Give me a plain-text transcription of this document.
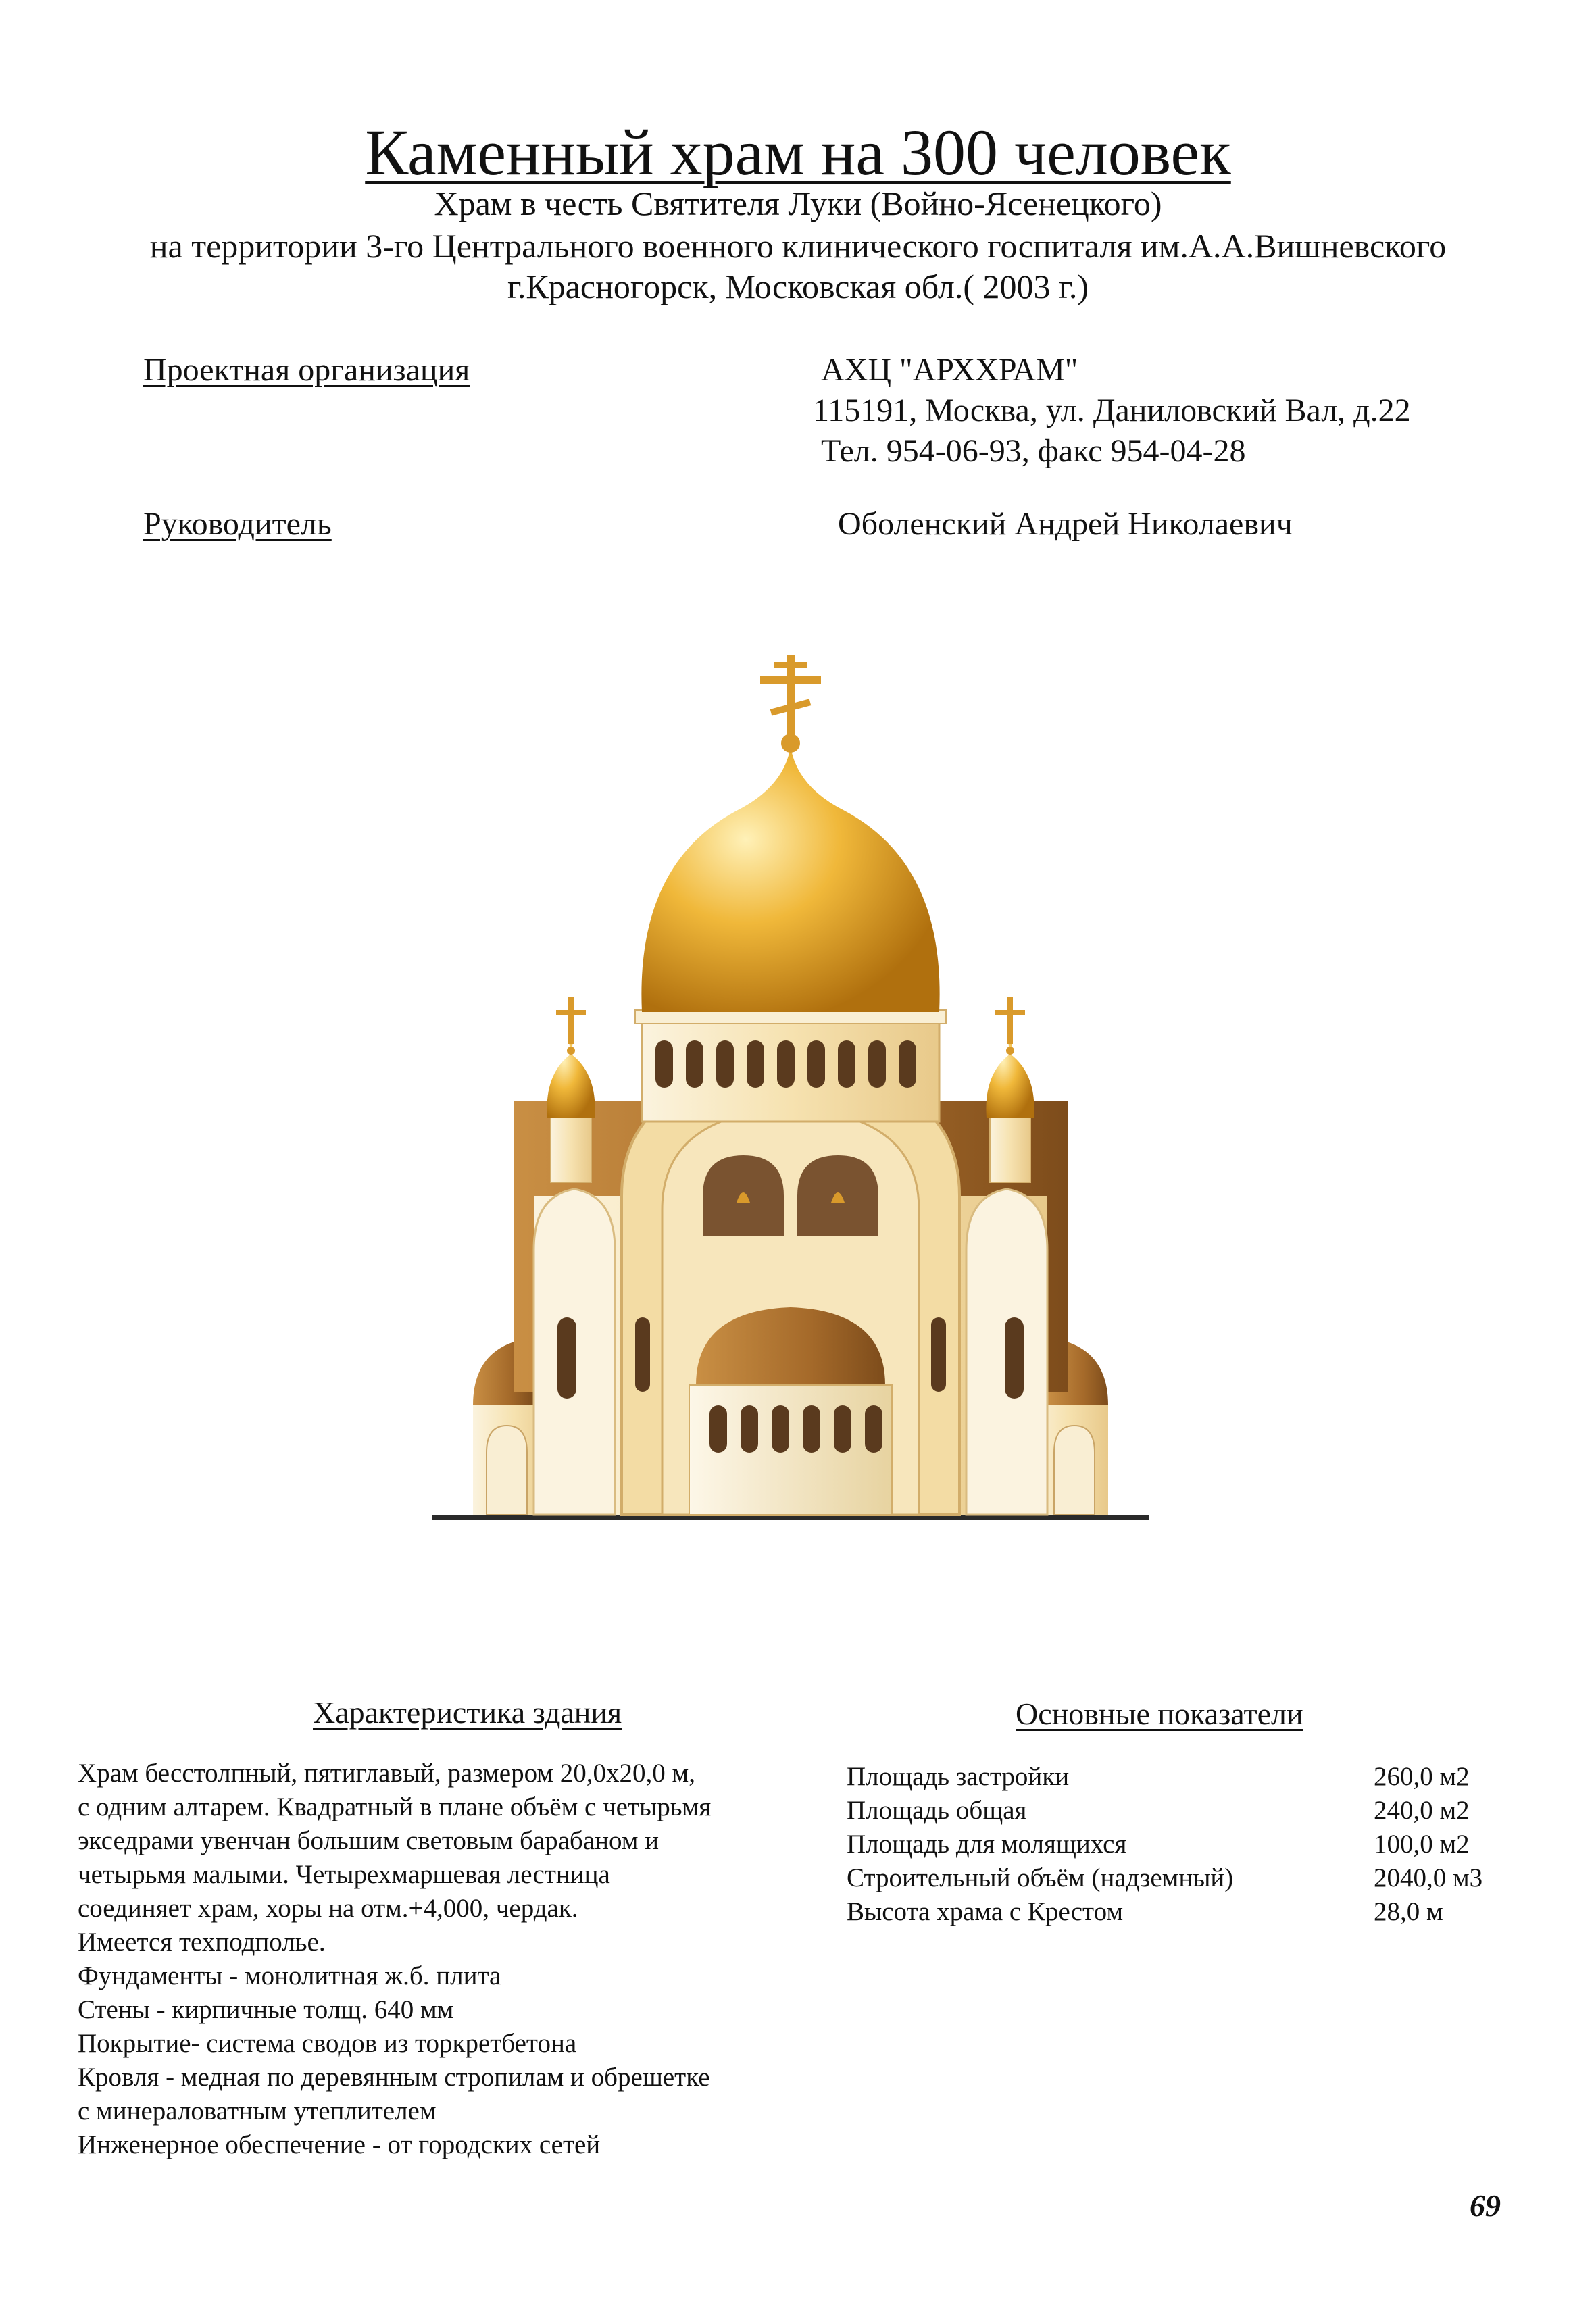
Каменный храм на 300 человек
Храм в честь Святителя Луки (Войно-Ясенецкого)
на территории 3-го Центрального военного клинического госпиталя им.А.А.Вишневского
г.Красногорск, Московская обл.( 2003 г.)
Проектная организация	АХЦ "АРХХРАМ"
115191, Москва, ул. Даниловский Вал, д.22
Тел. 954-06-93, факс 954-04-28
Руководитель	Оболенский Андрей Николаевич
Характеристика здания	Основные показатели
Храм бесстолпный, пятиглавый, размером 20,0х20,0 м,
с одним алтарем. Квадратный в плане объём с четырьмя
экседрами увенчан большим световым барабаном и
четырьмя малыми. Четырехмаршевая лестница
соединяет храм, хоры на отм.+4,000, чердак.
Имеется техподполье.
Фундаменты - монолитная ж.б. плита
Стены - кирпичные толщ. 640 мм
Покрытие- система сводов из торкретбетона
Кровля - медная по деревянным стропилам и обрешетке
с минераловатным утеплителем
Инженерное обеспечение - от городских сетей
Площадь застройки	260,0 м2
Площадь общая	240,0 м2
Площадь для молящихся	100,0 м2
Строительный объём (надземный)	2040,0 м3
Высота храма с Крестом	28,0 м
69
